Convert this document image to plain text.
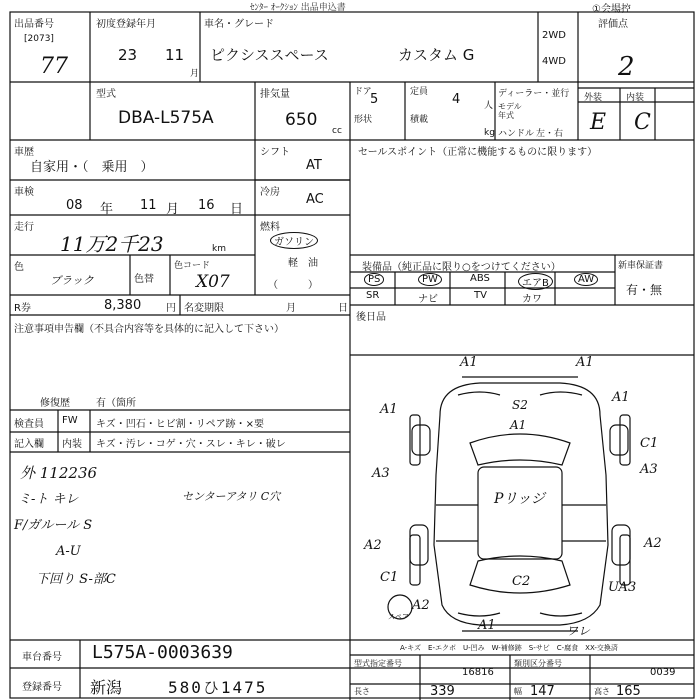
ｾﾝﾀｰ ｵｰｸｼｮﾝ 出品申込書	①会場控
出品番号
[2073]
77
初度登録年月
23 11
月
車名・グレード
ピクシススペース	カスタム G
2WD
4WD
評価点
2
外装	内装
E C
型式
DBA-L575A
排気量
650
cc
ドア
5	定員 4	人
形状	積載
kg
ディーラー・並行
モデル年式
ハンドル 左・右
車歴
自家用・（　乗用　）
シフト
AT
冷房 AC
車検
08 年 11 月 16 日
走行
11万2千23	km
燃料
ガソリン
軽　油
（　　　）
色
ブラック	色替
色コード
X07
R券	8,380 円 名変期限	月	日
セールスポイント（正常に機能するものに限ります）
装備品（純正品に限り○をつけてください）	新車保証書
有・無
PS	PW	ABS	エアB	AW
SR	ナビ	TV	カワ
後日品
注意事項申告欄（不具合内容等を具体的に記入して下さい）
修復歴	有（箇所
検査員
記入欄
FW
内装
キズ・凹石・ヒビ割・リペア跡・×要
キズ・汚レ・コゲ・穴・スレ・キレ・破レ
外 112236
ミ-ト キレ
F/ガルール S
A-U
下回り S-部C
センターアタリ C穴
A1	A1
A1
A1
S2
A1
C1
A3	A3
Pリッジ
A2	A2
C1	C2	UA3
A2
A1	ワレ
スペア
A-キズ　E-エクボ　U-凹み　W-補修跡　S-サビ　C-腐食　XX-交換済
車台番号 L575A-0003639
登録番号 新潟	580ひ1475
型式指定番号
16816
類別区分番号
0039
長さ	339	幅 147	高さ 165
